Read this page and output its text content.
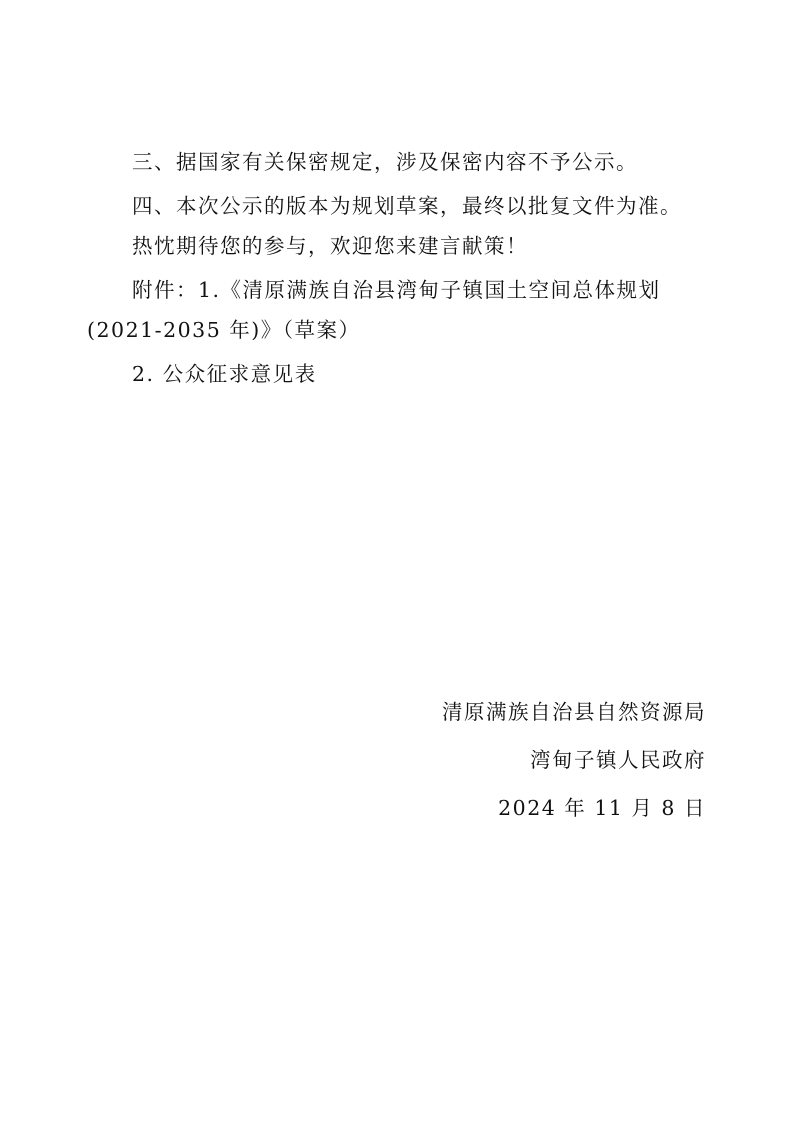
三、据国家有关保密规定，涉及保密内容不予公示。
四、本次公示的版本为规划草案，最终以批复文件为准。
热忱期待您的参与，欢迎您来建言献策！
附件：1.《清原满族自治县湾甸子镇国土空间总体规划
(2021-2035 年)》（草案）
2. 公众征求意见表
清原满族自治县自然资源局
湾甸子镇人民政府
2024 年 11 月 8 日
